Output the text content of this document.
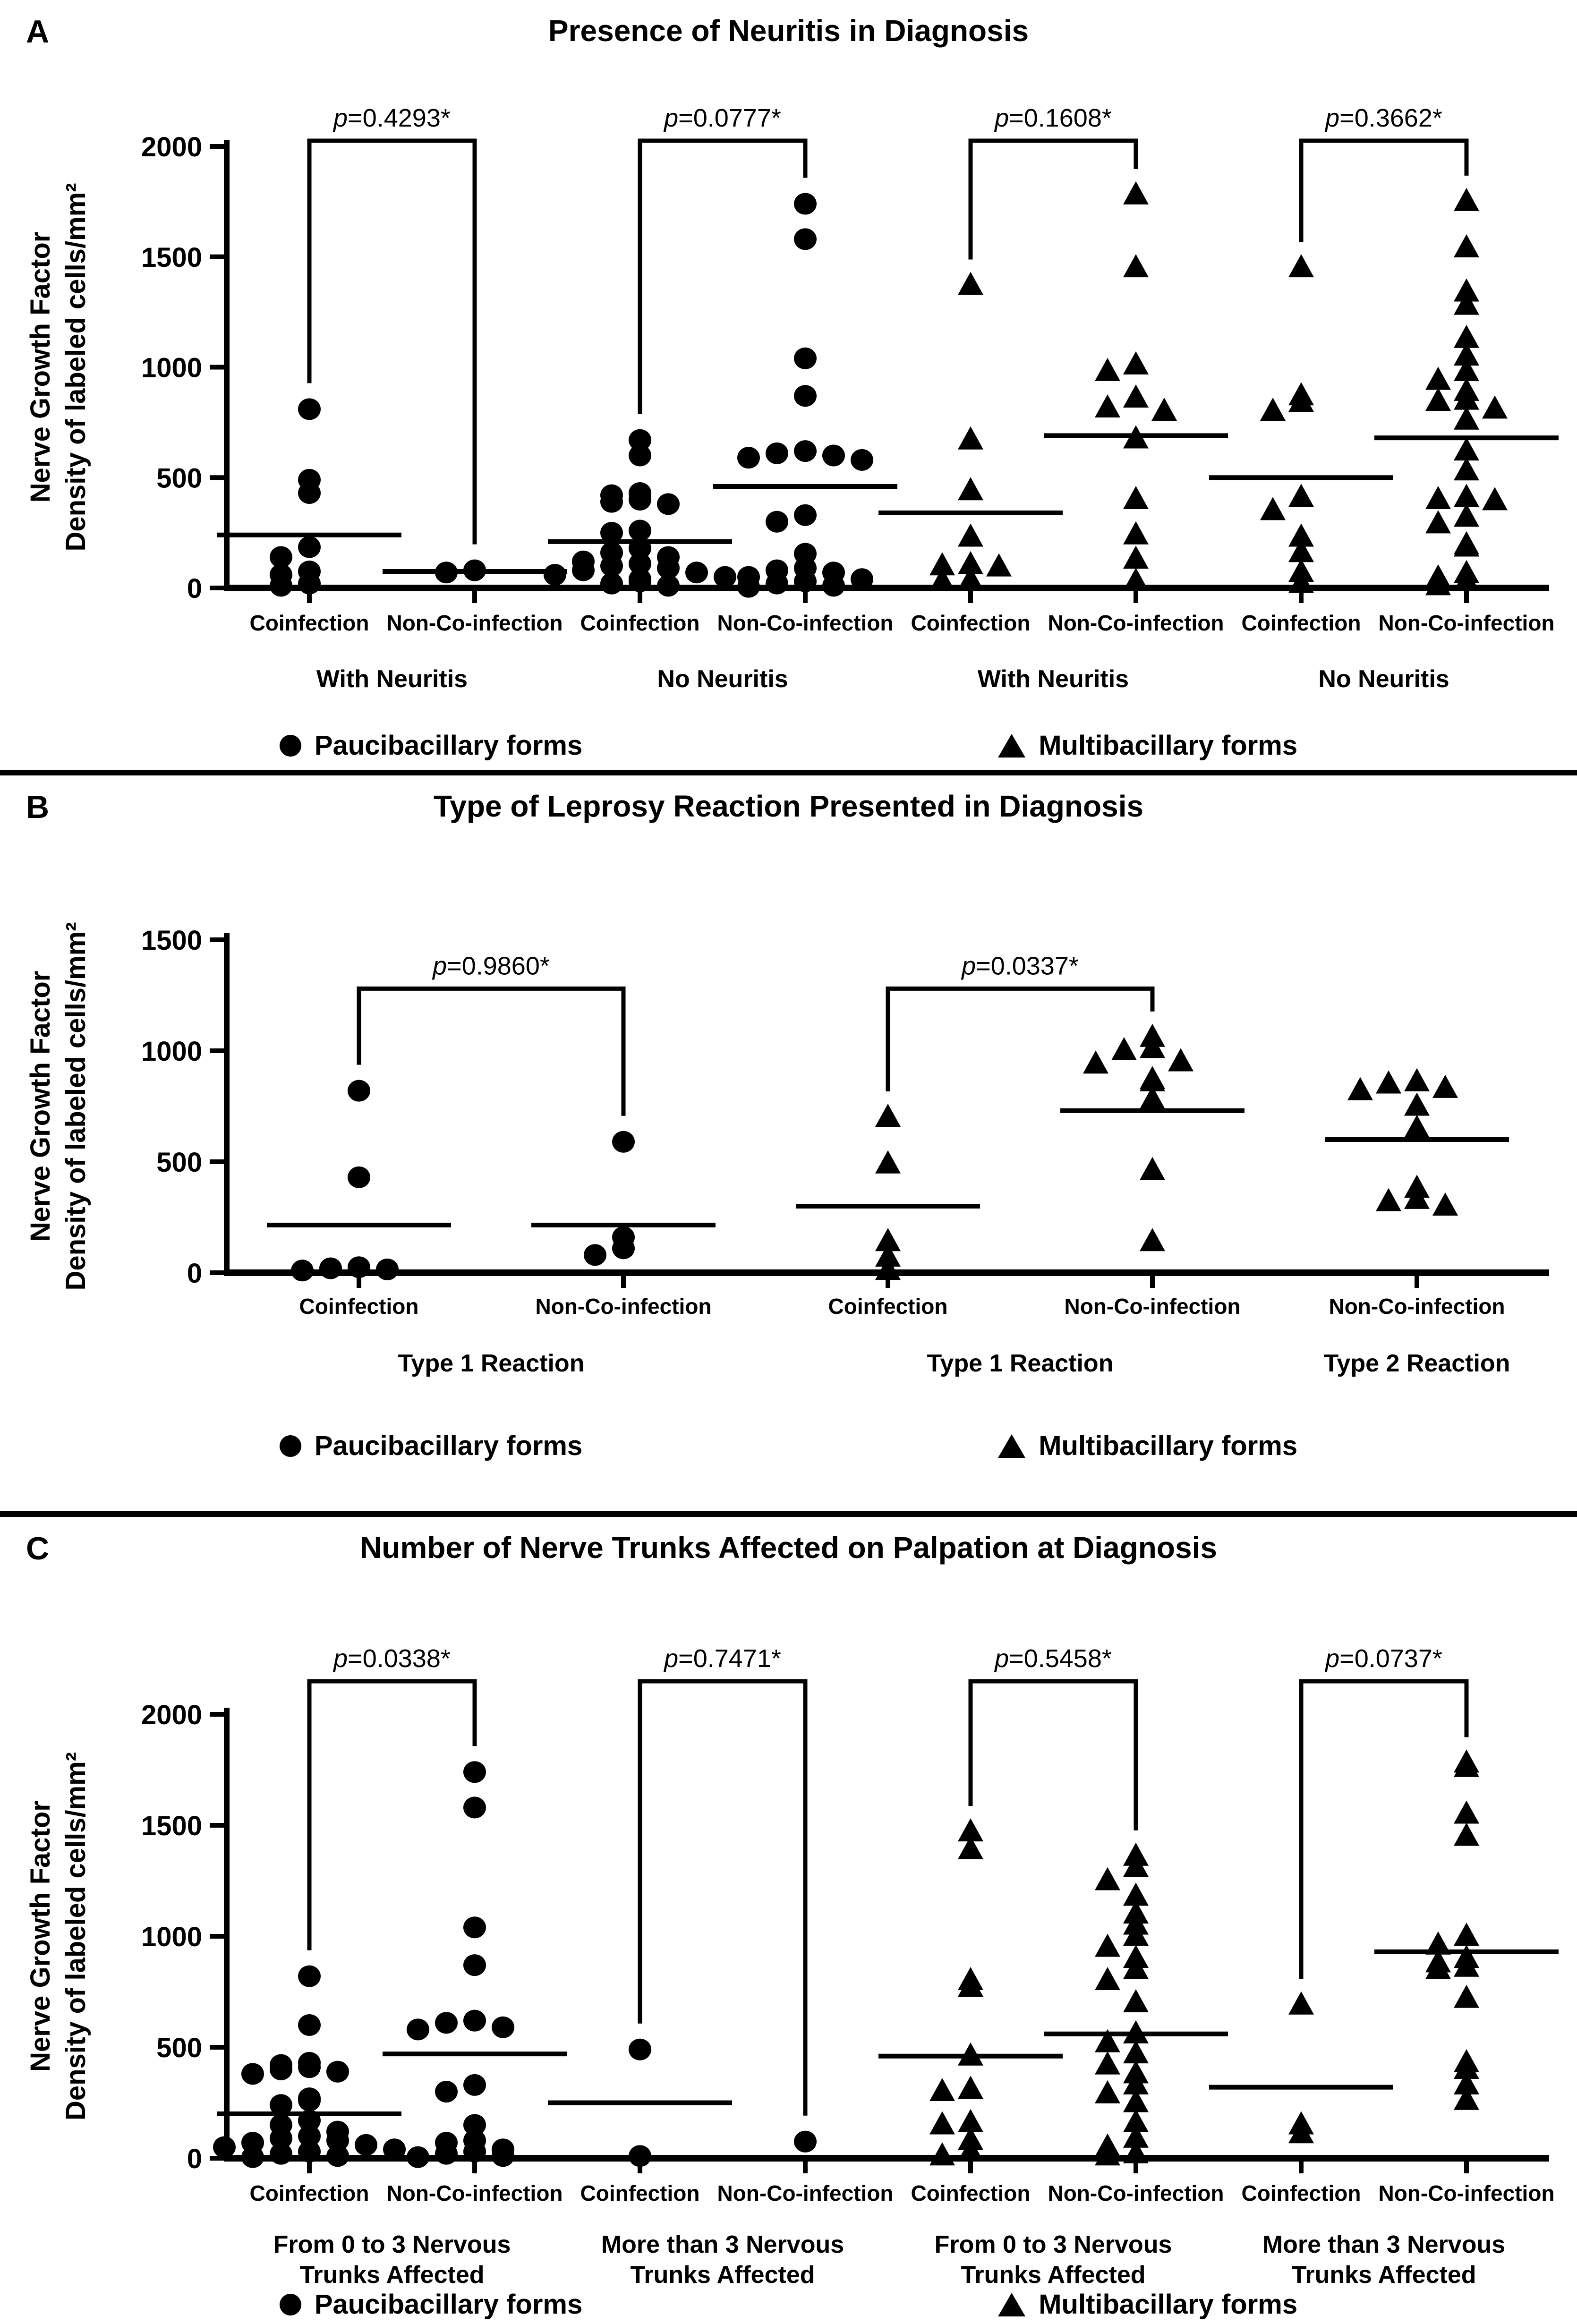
A	Presence of Neuritis in Diagnosis
0
500
1000
1500
2000
Nerve Growth Factor Density of labeled cells/mm²
Coinfection Non-Co-infection Coinfection Non-Co-infection Coinfection Non-Co-infection Coinfection Non-Co-infection
With Neuritis	No Neuritis	With Neuritis	No Neuritis
p=0.4293*	p=0.0777*	p=0.1608*	p=0.3662*
Paucibacillary forms	Multibacillary forms
B	Type of Leprosy Reaction Presented in Diagnosis
0
500
1000
1500
Nerve Growth Factor Density of labeled cells/mm²
Coinfection	Non-Co-infection	Coinfection	Non-Co-infection	Non-Co-infection
Type 1 Reaction	Type 1 Reaction	Type 2 Reaction
p=0.9860*	p=0.0337*
Paucibacillary forms	Multibacillary forms
C	Number of Nerve Trunks Affected on Palpation at Diagnosis
0
500
1000
1500
2000
Nerve Growth Factor Density of labeled cells/mm²
Coinfection Non-Co-infection Coinfection Non-Co-infection Coinfection Non-Co-infection Coinfection Non-Co-infection
From 0 to 3 Nervous
Trunks Affected
More than 3 Nervous
Trunks Affected
From 0 to 3 Nervous
Trunks Affected
More than 3 Nervous
Trunks Affected
p=0.0338*	p=0.7471*	p=0.5458*	p=0.0737*
Paucibacillary forms	Multibacillary forms
